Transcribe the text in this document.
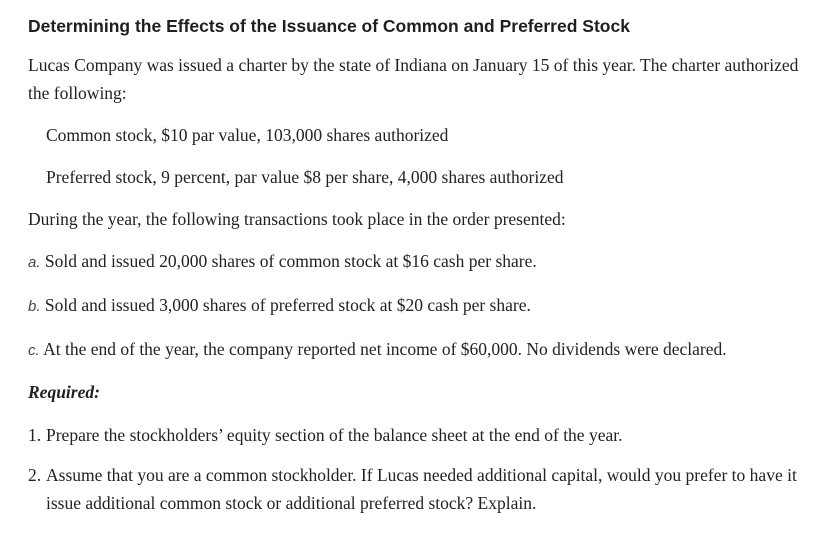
Determining the Effects of the Issuance of Common and Preferred Stock

Lucas Company was issued a charter by the state of Indiana on January 15 of this year. The charter authorized the following:

Common stock, $10 par value, 103,000 shares authorized
Preferred stock, 9 percent, par value $8 per share, 4,000 shares authorized
During the year, the following transactions took place in the order presented:
a. Sold and issued 20,000 shares of common stock at $16 cash per share.
b. Sold and issued 3,000 shares of preferred stock at $20 cash per share.
c. At the end of the year, the company reported net income of $60,000. No dividends were declared.
Required:
1. Prepare the stockholders’ equity section of the balance sheet at the end of the year.
2. Assume that you are a common stockholder. If Lucas needed additional capital, would you prefer to have it issue additional common stock or additional preferred stock? Explain.
